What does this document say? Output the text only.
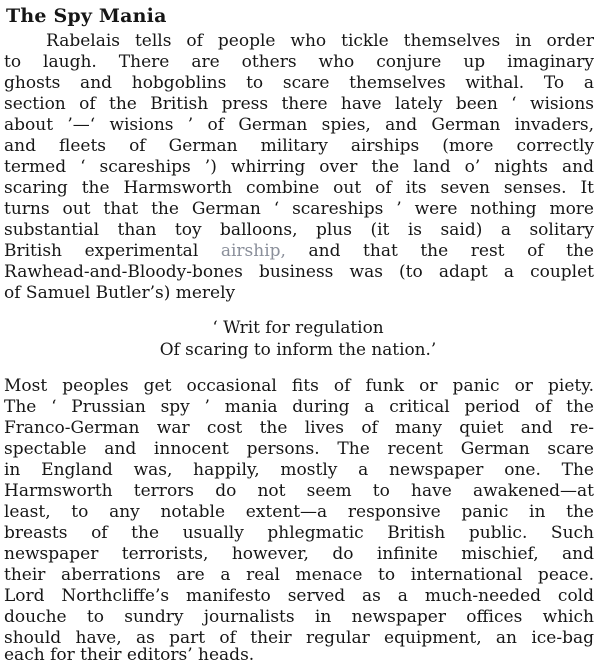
The Spy Mania
Rabelais tells of people who tickle themselves in order
to laugh. There are others who conjure up imaginary
ghosts and hobgoblins to scare themselves withal. To a
section of the British press there have lately been ‘ wisions
about ’—‘ wisions ’ of German spies, and German invaders,
and fleets of German military airships (more correctly
termed ‘ scareships ’) whirring over the land o’ nights and
scaring the Harmsworth combine out of its seven senses. It
turns out that the German ‘ scareships ’ were nothing more
substantial than toy balloons, plus (it is said) a solitary
British experimental airship, and that the rest of the
Rawhead-and-Bloody-bones business was (to adapt a couplet
of Samuel Butler’s) merely
‘ Writ for regulation
Of scaring to inform the nation.’
Most peoples get occasional fits of funk or panic or piety.
The ‘ Prussian spy ’ mania during a critical period of the
Franco-German war cost the lives of many quiet and re-
spectable and innocent persons. The recent German scare
in England was, happily, mostly a newspaper one. The
Harmsworth terrors do not seem to have awakened—at
least, to any notable extent—a responsive panic in the
breasts of the usually phlegmatic British public. Such
newspaper terrorists, however, do infinite mischief, and
their aberrations are a real menace to international peace.
Lord Northcliffe’s manifesto served as a much-needed cold
douche to sundry journalists in newspaper offices which
should have, as part of their regular equipment, an ice-bag
each for their editors’ heads.
